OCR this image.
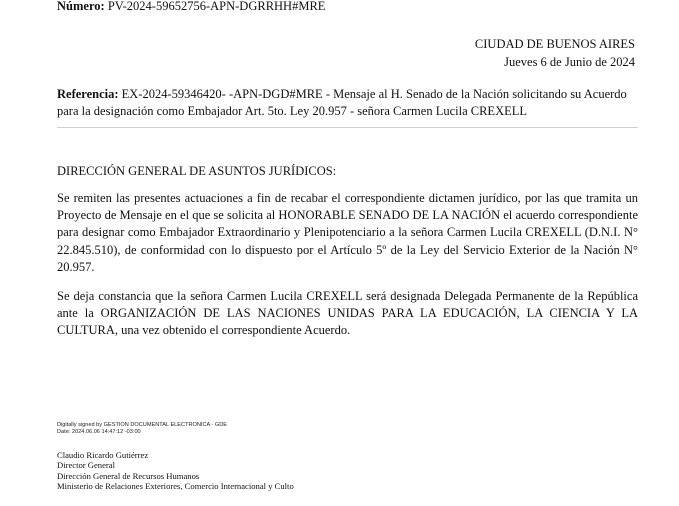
Número: PV-2024-59652756-APN-DGRRHH#MRE
CIUDAD DE BUENOS AIRES
Jueves 6 de Junio de 2024
Referencia: EX-2024-59346420- -APN-DGD#MRE - Mensaje al H. Senado de la Nación solicitando su Acuerdo para la designación como Embajador Art. 5to. Ley 20.957 - señora Carmen Lucila CREXELL
DIRECCIÓN GENERAL DE ASUNTOS JURÍDICOS:
Se remiten las presentes actuaciones a fin de recabar el correspondiente dictamen jurídico, por las que tramita un Proyecto de Mensaje en el que se solicita al HONORABLE SENADO DE LA NACIÓN el acuerdo correspondiente para designar como Embajador Extraordinario y Plenipotenciario a la señora Carmen Lucila CREXELL (D.N.I. N° 22.845.510), de conformidad con lo dispuesto por el Artículo 5º de la Ley del Servicio Exterior de la Nación N° 20.957.
Se deja constancia que la señora Carmen Lucila CREXELL será designada Delegada Permanente de la República ante la ORGANIZACIÓN DE LAS NACIONES UNIDAS PARA LA EDUCACIÓN, LA CIENCIA Y LA CULTURA, una vez obtenido el correspondiente Acuerdo.
Digitally signed by GESTION DOCUMENTAL ELECTRONICA - GDE
Date: 2024.06.06 14:47:12 -03:00
Claudio Ricardo Gutiérrez
Director General
Dirección General de Recursos Humanos
Ministerio de Relaciones Exteriores, Comercio Internacional y Culto
